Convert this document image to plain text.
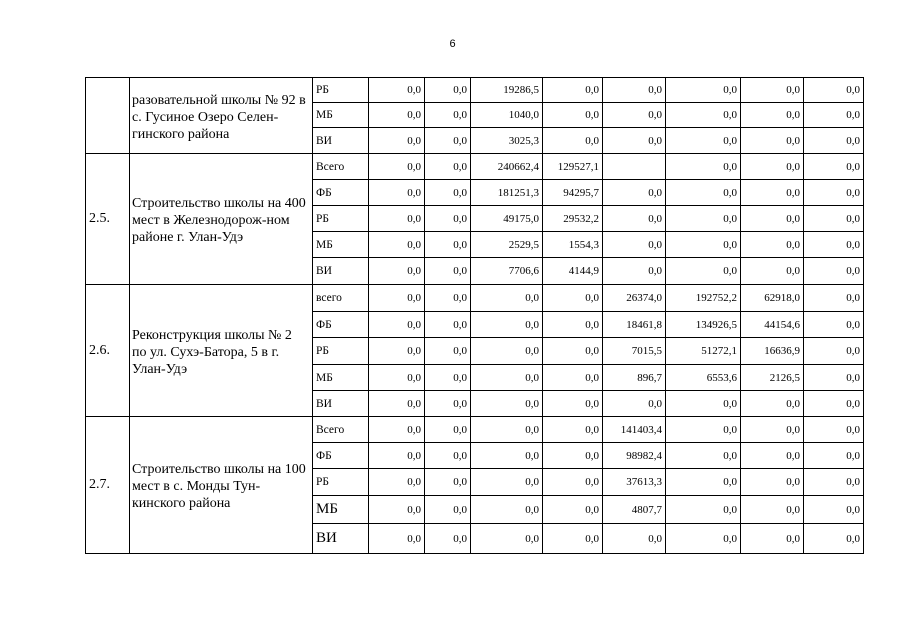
6
	разовательной школы № 92 в с. Гусиное Озеро Селен-гинского района	РБ	0,0	0,0	19286,5	0,0	0,0	0,0	0,0	0,0
		МБ	0,0	0,0	1040,0	0,0	0,0	0,0	0,0	0,0
		ВИ	0,0	0,0	3025,3	0,0	0,0	0,0	0,0	0,0
2.5.	Строительство школы на 400 мест в Железнодорож-ном районе г. Улан-Удэ	Всего	0,0	0,0	240662,4	129527,1		0,0	0,0	0,0
		ФБ	0,0	0,0	181251,3	94295,7	0,0	0,0	0,0	0,0
		РБ	0,0	0,0	49175,0	29532,2	0,0	0,0	0,0	0,0
		МБ	0,0	0,0	2529,5	1554,3	0,0	0,0	0,0	0,0
		ВИ	0,0	0,0	7706,6	4144,9	0,0	0,0	0,0	0,0
2.6.	Реконструкция школы № 2 по ул. Сухэ-Батора, 5 в г. Улан-Удэ	всего	0,0	0,0	0,0	0,0	26374,0	192752,2	62918,0	0,0
		ФБ	0,0	0,0	0,0	0,0	18461,8	134926,5	44154,6	0,0
		РБ	0,0	0,0	0,0	0,0	7015,5	51272,1	16636,9	0,0
		МБ	0,0	0,0	0,0	0,0	896,7	6553,6	2126,5	0,0
		ВИ	0,0	0,0	0,0	0,0	0,0	0,0	0,0	0,0
2.7.	Строительство школы на 100 мест в с. Монды Тун-кинского района	Всего	0,0	0,0	0,0	0,0	141403,4	0,0	0,0	0,0
		ФБ	0,0	0,0	0,0	0,0	98982,4	0,0	0,0	0,0
		РБ	0,0	0,0	0,0	0,0	37613,3	0,0	0,0	0,0
		МБ	0,0	0,0	0,0	0,0	4807,7	0,0	0,0	0,0
		ВИ	0,0	0,0	0,0	0,0	0,0	0,0	0,0	0,0
